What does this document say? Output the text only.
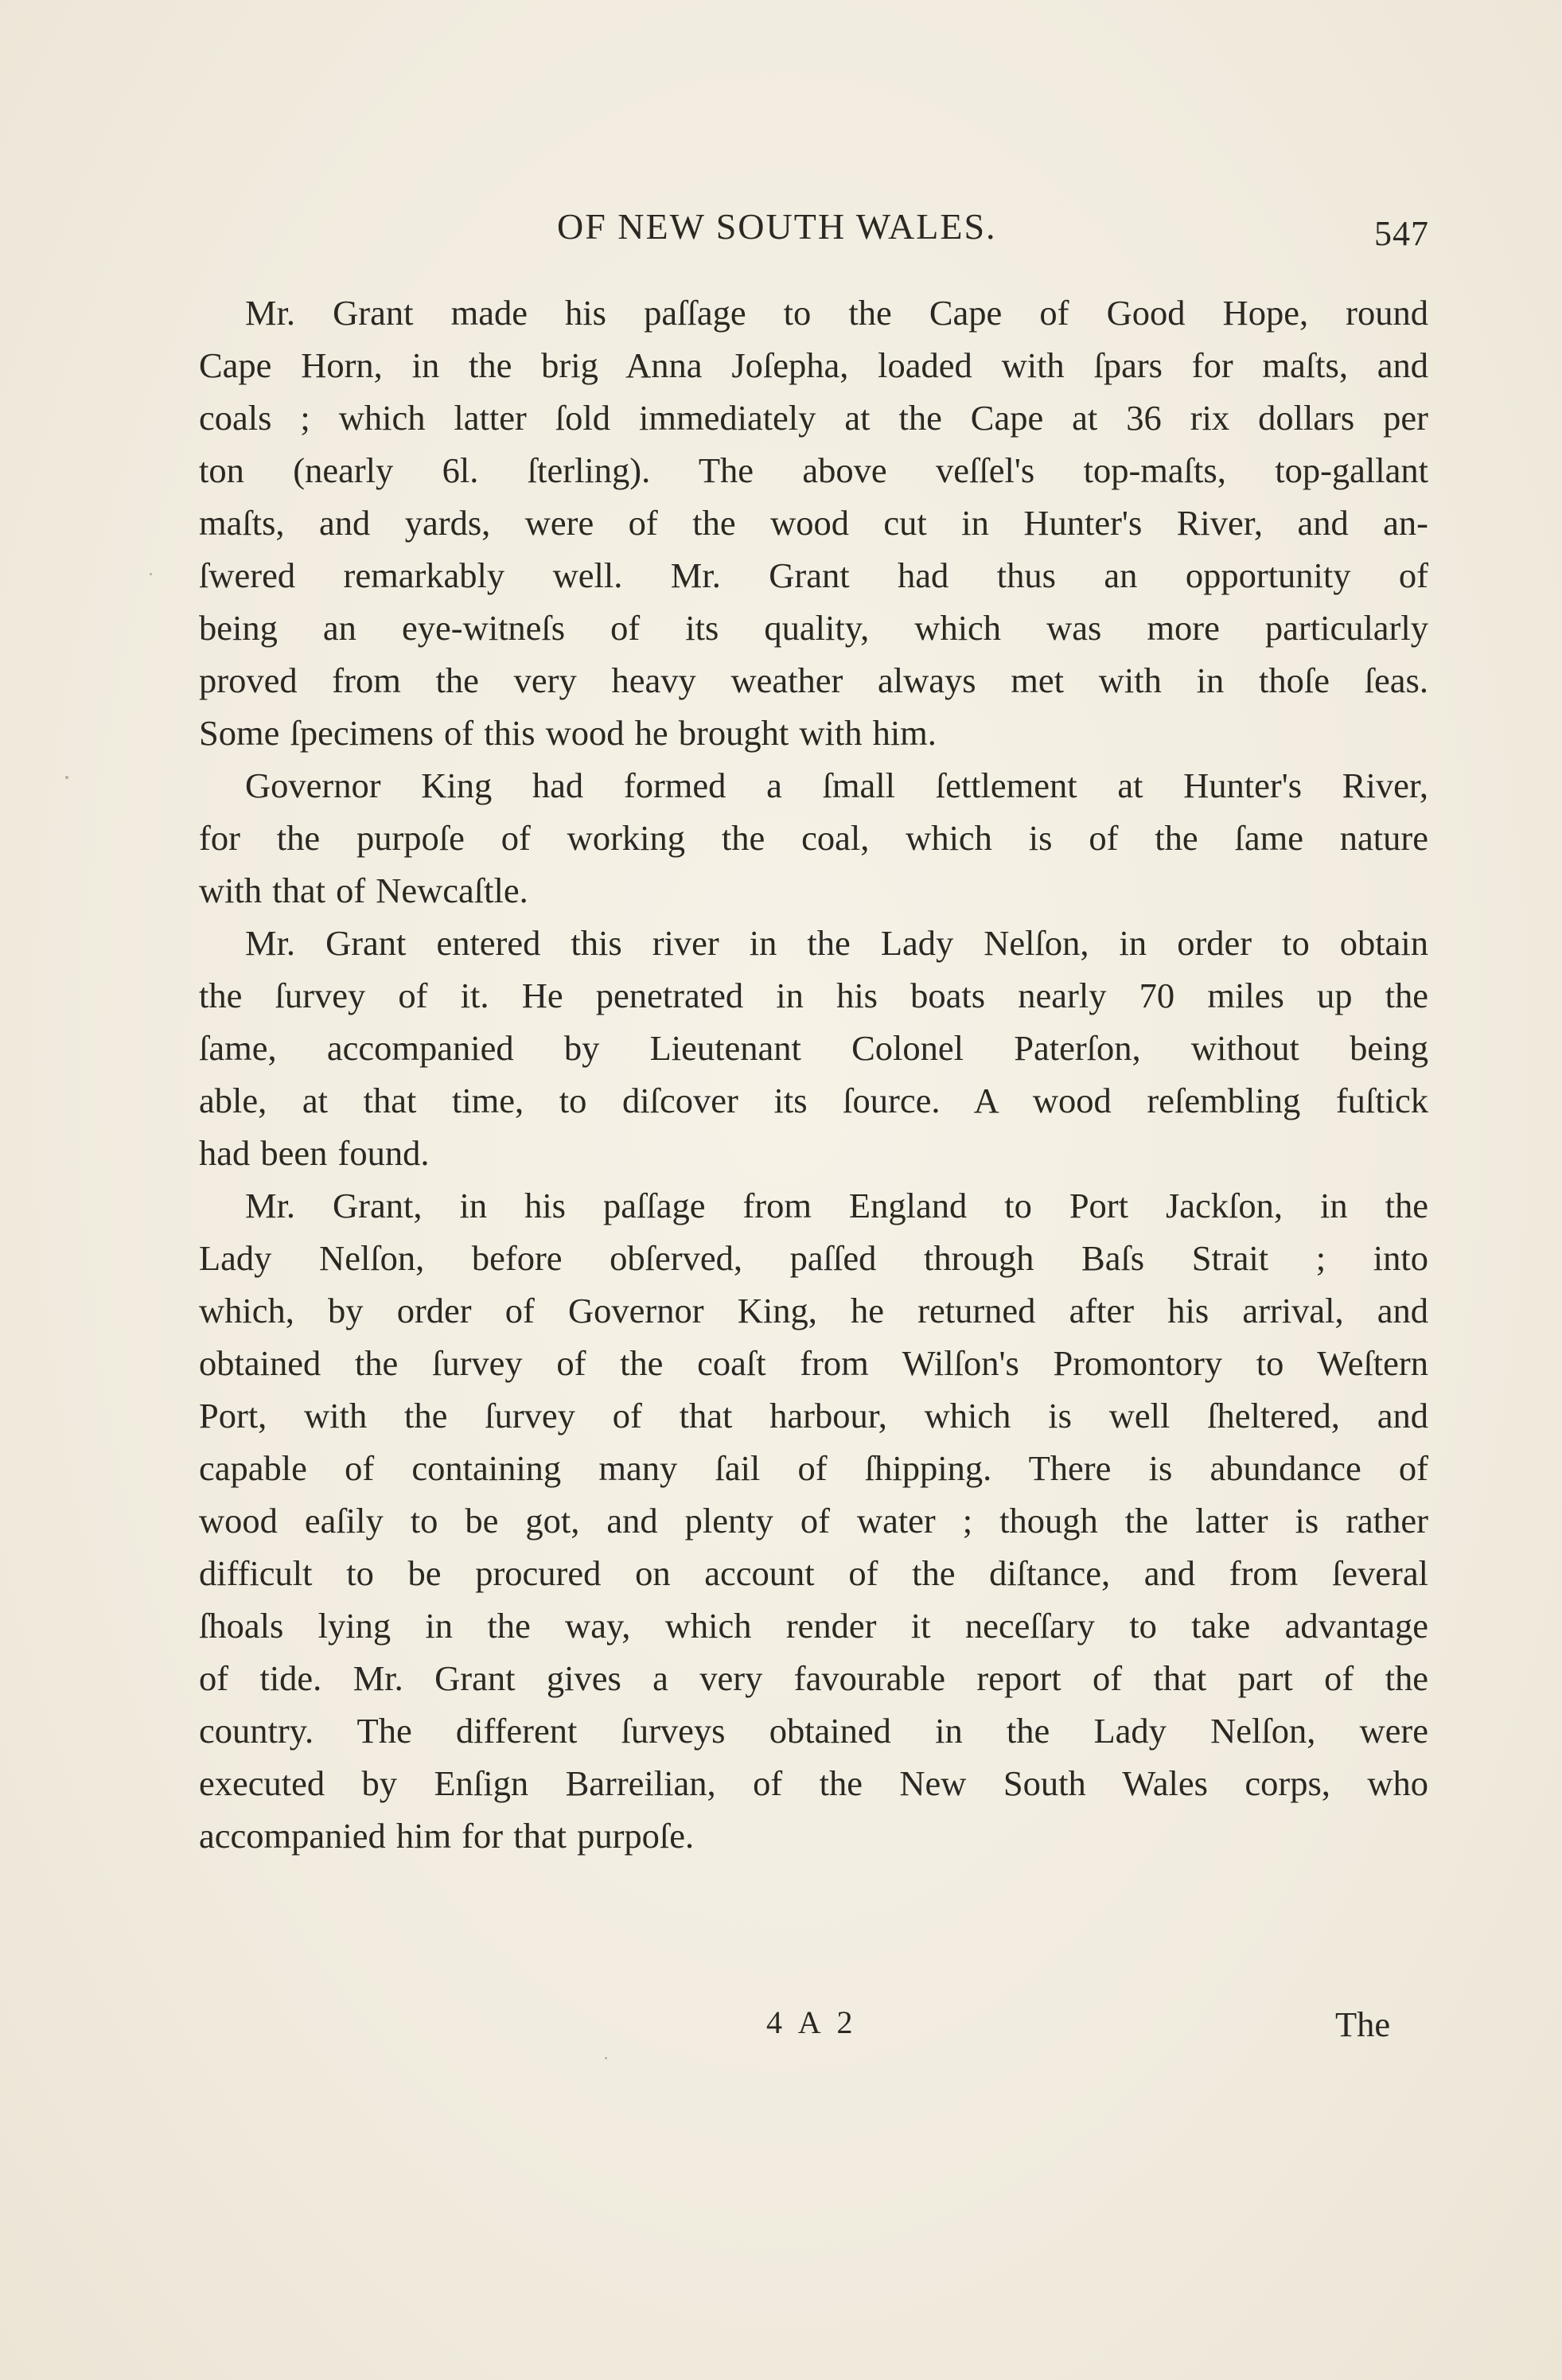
OF NEW SOUTH WALES.	547

Mr. Grant made his paſſage to the Cape of Good Hope, round
Cape Horn, in the brig Anna Joſepha, loaded with ſpars for maſts, and
coals ; which latter ſold immediately at the Cape at 36 rix dollars per
ton (nearly 6l. ſterling). The above veſſel's top-maſts, top-gallant
maſts, and yards, were of the wood cut in Hunter's River, and an-
ſwered remarkably well. Mr. Grant had thus an opportunity of
being an eye-witneſs of its quality, which was more particularly
proved from the very heavy weather always met with in thoſe ſeas.
Some ſpecimens of this wood he brought with him.

Governor King had formed a ſmall ſettlement at Hunter's River,
for the purpoſe of working the coal, which is of the ſame nature
with that of Newcaſtle.

Mr. Grant entered this river in the Lady Nelſon, in order to obtain
the ſurvey of it. He penetrated in his boats nearly 70 miles up the
ſame, accompanied by Lieutenant Colonel Paterſon, without being
able, at that time, to diſcover its ſource. A wood reſembling fuſtick
had been found.

Mr. Grant, in his paſſage from England to Port Jackſon, in the
Lady Nelſon, before obſerved, paſſed through Baſs Strait ; into
which, by order of Governor King, he returned after his arrival, and
obtained the ſurvey of the coaſt from Wilſon's Promontory to Weſtern
Port, with the ſurvey of that harbour, which is well ſheltered, and
capable of containing many ſail of ſhipping. There is abundance of
wood eaſily to be got, and plenty of water ; though the latter is rather
difficult to be procured on account of the diſtance, and from ſeveral
ſhoals lying in the way, which render it neceſſary to take advantage
of tide. Mr. Grant gives a very favourable report of that part of the
country. The different ſurveys obtained in the Lady Nelſon, were
executed by Enſign Barreilian, of the New South Wales corps, who
accompanied him for that purpoſe.

4 A 2	The
